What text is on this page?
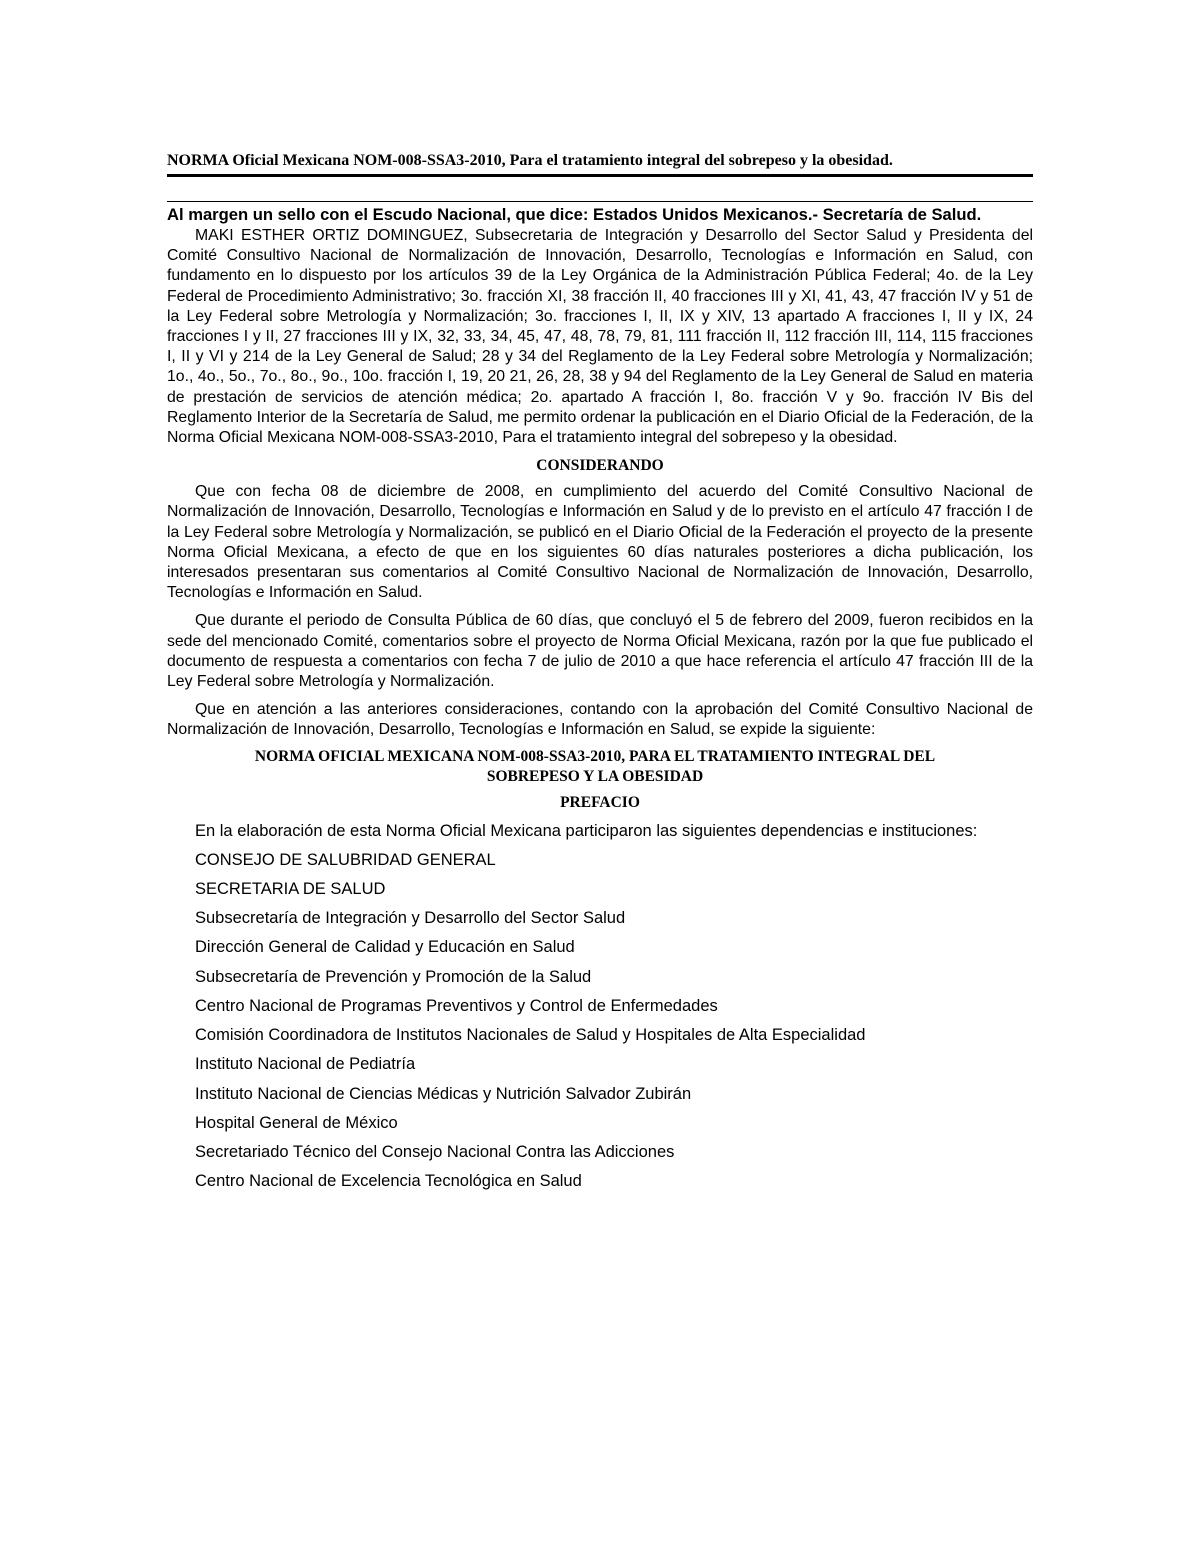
NORMA Oficial Mexicana NOM-008-SSA3-2010, Para el tratamiento integral del sobrepeso y la obesidad.

Al margen un sello con el Escudo Nacional, que dice: Estados Unidos Mexicanos.- Secretaría de Salud.

MAKI ESTHER ORTIZ DOMINGUEZ, Subsecretaria de Integración y Desarrollo del Sector Salud y Presidenta del Comité Consultivo Nacional de Normalización de Innovación, Desarrollo, Tecnologías e Información en Salud, con fundamento en lo dispuesto por los artículos 39 de la Ley Orgánica de la Administración Pública Federal; 4o. de la Ley Federal de Procedimiento Administrativo; 3o. fracción XI, 38 fracción II, 40 fracciones III y XI, 41, 43, 47 fracción IV y 51 de la Ley Federal sobre Metrología y Normalización; 3o. fracciones I, II, IX y XIV, 13 apartado A fracciones I, II y IX, 24 fracciones I y II, 27 fracciones III y IX, 32, 33, 34, 45, 47, 48, 78, 79, 81, 111 fracción II, 112 fracción III, 114, 115 fracciones I, II y VI y 214 de la Ley General de Salud; 28 y 34 del Reglamento de la Ley Federal sobre Metrología y Normalización; 1o., 4o., 5o., 7o., 8o., 9o., 10o. fracción I, 19, 20 21, 26, 28, 38 y 94 del Reglamento de la Ley General de Salud en materia de prestación de servicios de atención médica; 2o. apartado A fracción I, 8o. fracción V y 9o. fracción IV Bis del Reglamento Interior de la Secretaría de Salud, me permito ordenar la publicación en el Diario Oficial de la Federación, de la Norma Oficial Mexicana NOM-008-SSA3-2010, Para el tratamiento integral del sobrepeso y la obesidad.

CONSIDERANDO

Que con fecha 08 de diciembre de 2008, en cumplimiento del acuerdo del Comité Consultivo Nacional de Normalización de Innovación, Desarrollo, Tecnologías e Información en Salud y de lo previsto en el artículo 47 fracción I de la Ley Federal sobre Metrología y Normalización, se publicó en el Diario Oficial de la Federación el proyecto de la presente Norma Oficial Mexicana, a efecto de que en los siguientes 60 días naturales posteriores a dicha publicación, los interesados presentaran sus comentarios al Comité Consultivo Nacional de Normalización de Innovación, Desarrollo, Tecnologías e Información en Salud.

Que durante el periodo de Consulta Pública de 60 días, que concluyó el 5 de febrero del 2009, fueron recibidos en la sede del mencionado Comité, comentarios sobre el proyecto de Norma Oficial Mexicana, razón por la que fue publicado el documento de respuesta a comentarios con fecha 7 de julio de 2010 a que hace referencia el artículo 47 fracción III de la Ley Federal sobre Metrología y Normalización.

Que en atención a las anteriores consideraciones, contando con la aprobación del Comité Consultivo Nacional de Normalización de Innovación, Desarrollo, Tecnologías e Información en Salud, se expide la siguiente:

NORMA OFICIAL MEXICANA NOM-008-SSA3-2010, PARA EL TRATAMIENTO INTEGRAL DEL SOBREPESO Y LA OBESIDAD
PREFACIO

En la elaboración de esta Norma Oficial Mexicana participaron las siguientes dependencias e instituciones:

CONSEJO DE SALUBRIDAD GENERAL
SECRETARIA DE SALUD
Subsecretaría de Integración y Desarrollo del Sector Salud
Dirección General de Calidad y Educación en Salud
Subsecretaría de Prevención y Promoción de la Salud
Centro Nacional de Programas Preventivos y Control de Enfermedades
Comisión Coordinadora de Institutos Nacionales de Salud y Hospitales de Alta Especialidad
Instituto Nacional de Pediatría
Instituto Nacional de Ciencias Médicas y Nutrición Salvador Zubirán
Hospital General de México
Secretariado Técnico del Consejo Nacional Contra las Adicciones
Centro Nacional de Excelencia Tecnológica en Salud
